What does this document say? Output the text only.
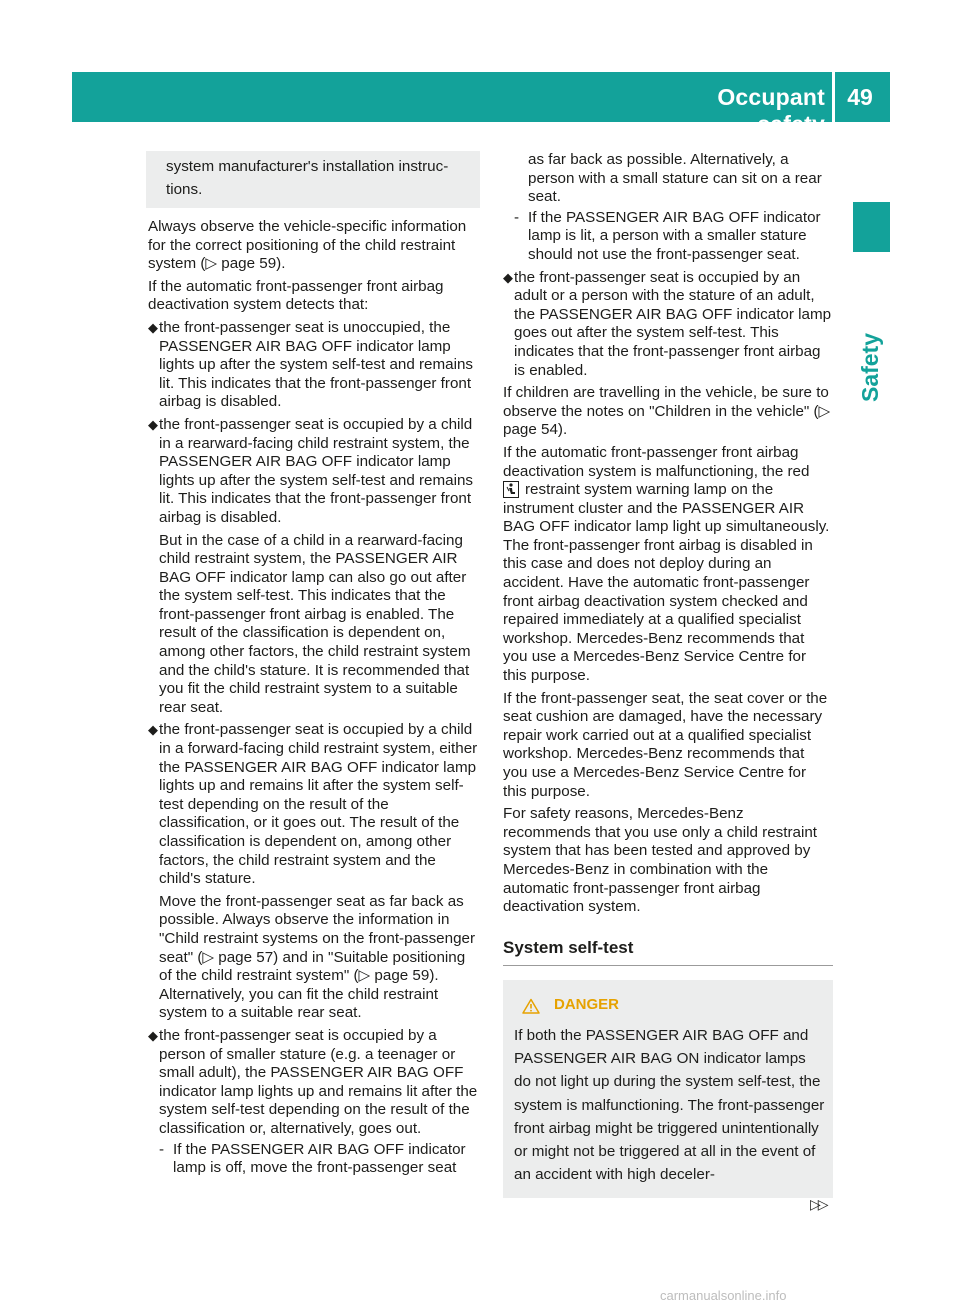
Occupant safety
49
Safety

system manufacturer's installation instruc-

tions.

Always observe the vehicle-specific information for the correct positioning of the child restraint system (▷ page 59).

If the automatic front-passenger front airbag deactivation system detects that:

◆ the front-passenger seat is unoccupied, the PASSENGER AIR BAG OFF indicator lamp lights up after the system self-test and remains lit. This indicates that the front-passenger front airbag is disabled.

◆ the front-passenger seat is occupied by a child in a rearward-facing child restraint system, the PASSENGER AIR BAG OFF indicator lamp lights up after the system self-test and remains lit. This indicates that the front-passenger front airbag is disabled.

But in the case of a child in a rearward-facing child restraint system, the PASSENGER AIR BAG OFF indicator lamp can also go out after the system self-test. This indicates that the front-passenger front airbag is enabled. The result of the classification is dependent on, among other factors, the child restraint system and the child's stature. It is recommended that you fit the child restraint system to a suitable rear seat.

◆ the front-passenger seat is occupied by a child in a forward-facing child restraint system, either the PASSENGER AIR BAG OFF indicator lamp lights up and remains lit after the system self-test depending on the result of the classification, or it goes out. The result of the classification is dependent on, among other factors, the child restraint system and the child's stature.

Move the front-passenger seat as far back as possible. Always observe the information in "Child restraint systems on the front-passenger seat" (▷ page 57) and in "Suitable positioning of the child restraint system" (▷ page 59). Alternatively, you can fit the child restraint system to a suitable rear seat.

◆ the front-passenger seat is occupied by a person of smaller stature (e.g. a teenager or small adult), the PASSENGER AIR BAG OFF indicator lamp lights up and remains lit after the system self-test depending on the result of the classification or, alternatively, goes out.

- If the PASSENGER AIR BAG OFF indicator lamp is off, move the front-passenger seat

as far back as possible. Alternatively, a person with a small stature can sit on a rear seat.

- If the PASSENGER AIR BAG OFF indicator lamp is lit, a person with a smaller stature should not use the front-passenger seat.
◆ the front-passenger seat is occupied by an adult or a person with the stature of an adult, the PASSENGER AIR BAG OFF indicator lamp goes out after the system self-test. This indicates that the front-passenger front airbag is enabled.

If children are travelling in the vehicle, be sure to observe the notes on "Children in the vehicle" (▷ page 54).

If the automatic front-passenger front airbag deactivation system is malfunctioning, the red restraint system warning lamp on the instrument cluster and the PASSENGER AIR BAG OFF indicator lamp light up simultaneously. The front-passenger front airbag is disabled in this case and does not deploy during an accident. Have the automatic front-passenger front airbag deactivation system checked and repaired immediately at a qualified specialist workshop. Mercedes-Benz recommends that you use a Mercedes-Benz Service Centre for this purpose.

If the front-passenger seat, the seat cover or the seat cushion are damaged, have the necessary repair work carried out at a qualified specialist workshop. Mercedes-Benz recommends that you use a Mercedes-Benz Service Centre for this purpose.

For safety reasons, Mercedes-Benz recommends that you use only a child restraint system that has been tested and approved by Mercedes-Benz in combination with the automatic front-passenger front airbag deactivation system.

System self-test
DANGER

If both the PASSENGER AIR BAG OFF and PASSENGER AIR BAG ON indicator lamps do not light up during the system self-test, the system is malfunctioning. The front-passenger front airbag might be triggered unintentionally or might not be triggered at all in the event of an accident with high deceler-

▷▷
carmanualsonline.info
